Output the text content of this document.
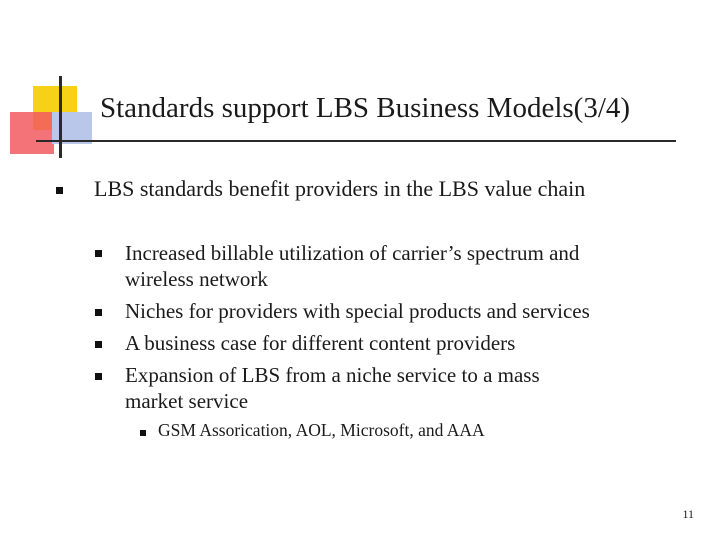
Standards support LBS Business Models(3/4)
LBS standards benefit providers in the LBS value chain
Increased billable utilization of carrier’s spectrum and
wireless network
Niches for providers with special products and services
A business case for different content providers
Expansion of LBS from a niche service to a mass
market service
GSM Assorication, AOL, Microsoft, and AAA
11
